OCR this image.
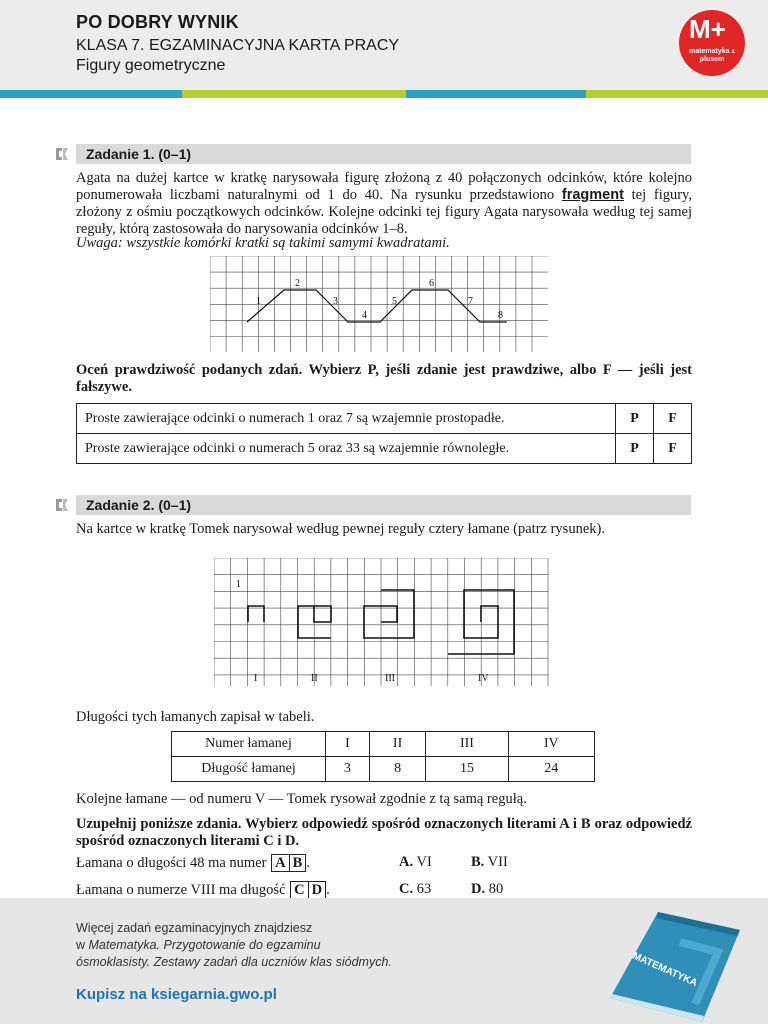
PO DOBRY WYNIK
KLASA 7. EGZAMINACYJNA KARTA PRACY
Figury geometryczne
M+
matematyka z plusem
Zadanie 1. (0–1)
Agata na dużej kartce w kratkę narysowała figurę złożoną z 40 połączonych odcinków, które kolejno ponumerowała liczbami naturalnymi od 1 do 40. Na rysunku przedstawiono fragment tej figury, złożony z ośmiu początkowych odcinków. Kolejne odcinki tej figury Agata narysowała według tej samej reguły, którą zastosowała do narysowania odcinków 1–8.
Uwaga: wszystkie komórki kratki są takimi samymi kwadratami.
1
2
3
4
5
6
7
8
Oceń prawdziwość podanych zdań. Wybierz P, jeśli zdanie jest prawdziwe, albo F — jeśli jest fałszywe.
Proste zawierające odcinki o numerach 1 oraz 7 są wzajemnie prostopadłe.	P	F
Proste zawierające odcinki o numerach 5 oraz 33 są wzajemnie równoległe.	P	F
Zadanie 2. (0–1)
Na kartce w kratkę Tomek narysował według pewnej reguły cztery łamane (patrz rysunek).
1
I	II	III	IV
Długości tych łamanych zapisał w tabeli.
Numer łamanej	I	II	III	IV
Długość łamanej	3	8	15	24
Kolejne łamane — od numeru V — Tomek rysował zgodnie z tą samą regułą.
Uzupełnij poniższe zdania. Wybierz odpowiedź spośród oznaczonych literami A i B oraz odpowiedź spośród oznaczonych literami C i D.
Łamana o długości 48 ma numer A B .	A. VI	B. VII
Łamana o numerze VIII ma długość C D .	C. 63	D. 80
Więcej zadań egzaminacyjnych znajdziesz
w Matematyka. Przygotowanie do egzaminu
ósmoklasisty. Zestawy zadań dla uczniów klas siódmych.
Kupisz na ksiegarnia.gwo.pl
MATEMATYKA
